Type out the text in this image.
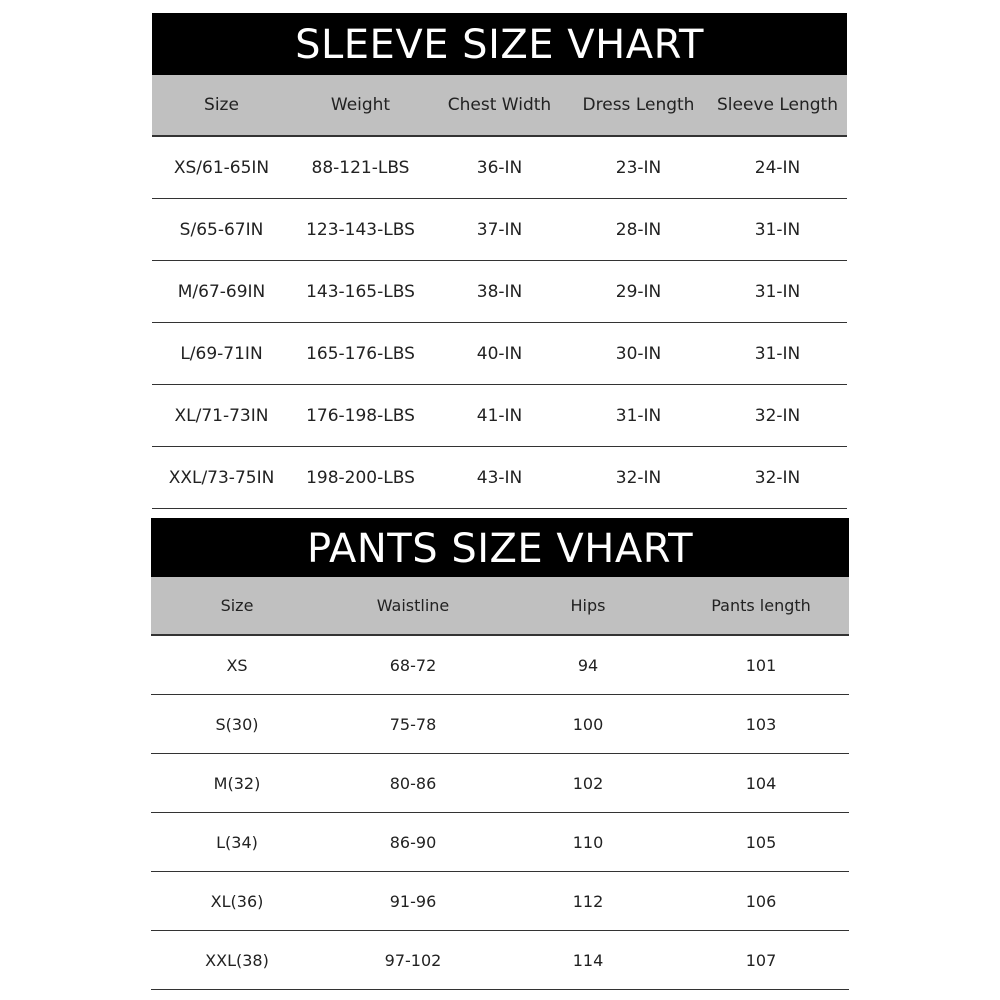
SLEEVE SIZE VHART
Size	Weight	Chest Width	Dress Length	Sleeve Length
XS/61-65IN	88-121-LBS	36-IN	23-IN	24-IN
S/65-67IN	123-143-LBS	37-IN	28-IN	31-IN
M/67-69IN	143-165-LBS	38-IN	29-IN	31-IN
L/69-71IN	165-176-LBS	40-IN	30-IN	31-IN
XL/71-73IN	176-198-LBS	41-IN	31-IN	32-IN
XXL/73-75IN	198-200-LBS	43-IN	32-IN	32-IN
PANTS SIZE VHART
Size	Waistline	Hips	Pants length
XS	68-72	94	101
S(30)	75-78	100	103
M(32)	80-86	102	104
L(34)	86-90	110	105
XL(36)	91-96	112	106
XXL(38)	97-102	114	107
